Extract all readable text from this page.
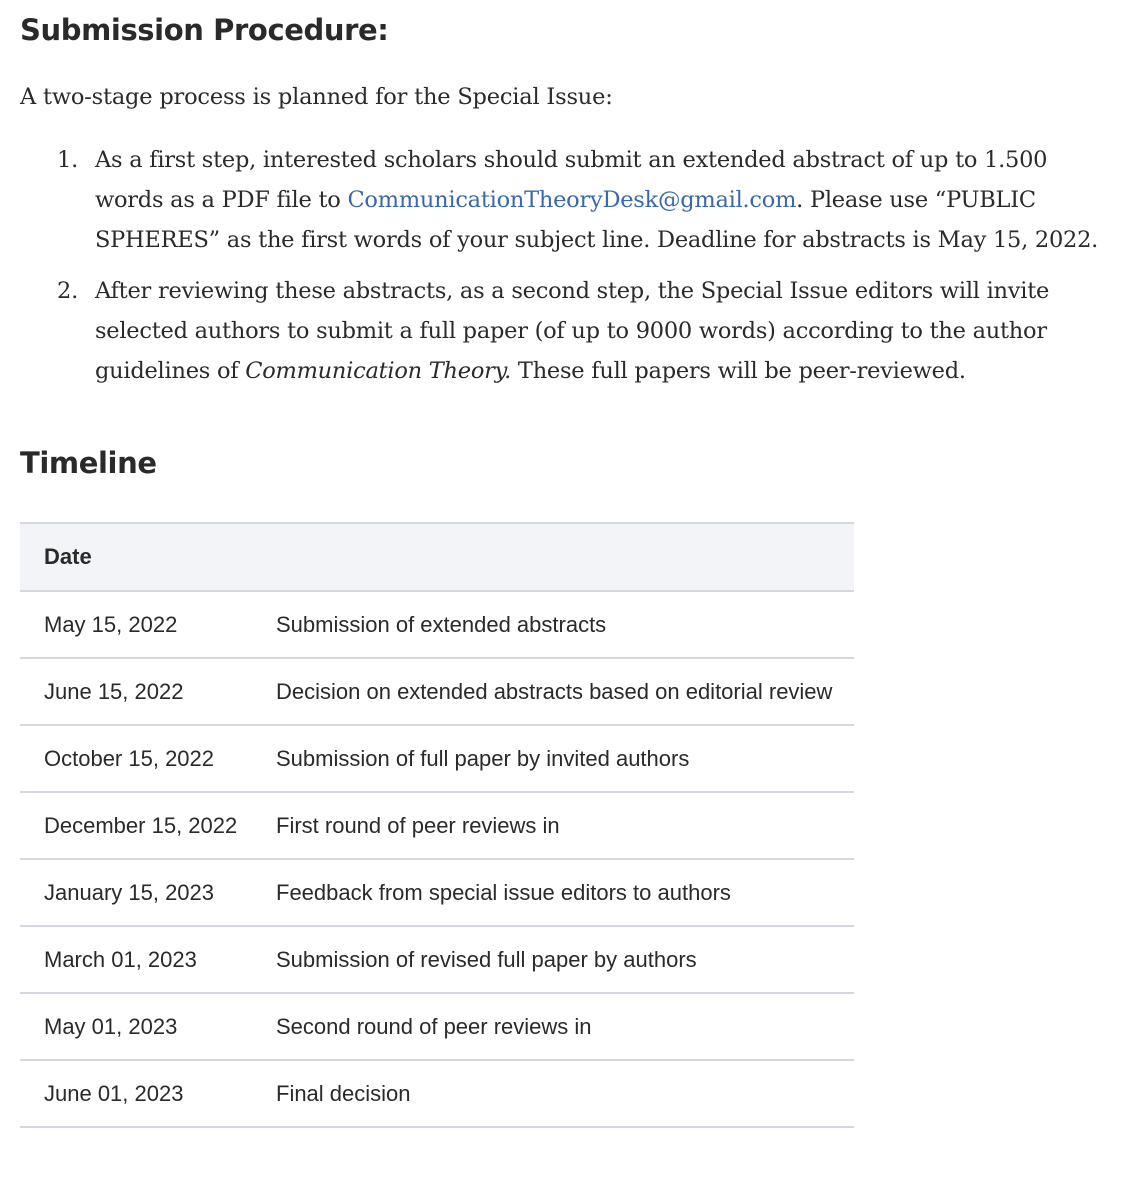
Submission Procedure:

A two-stage process is planned for the Special Issue:

1. As a first step, interested scholars should submit an extended abstract of up to 1.500
words as a PDF file to CommunicationTheoryDesk@gmail.com. Please use “PUBLIC
SPHERES” as the first words of your subject line. Deadline for abstracts is May 15, 2022.
2. After reviewing these abstracts, as a second step, the Special Issue editors will invite
selected authors to submit a full paper (of up to 9000 words) according to the author
guidelines of Communication Theory. These full papers will be peer-reviewed.
Timeline
Date	
May 15, 2022	Submission of extended abstracts
June 15, 2022	Decision on extended abstracts based on editorial review
October 15, 2022	Submission of full paper by invited authors
December 15, 2022	First round of peer reviews in
January 15, 2023	Feedback from special issue editors to authors
March 01, 2023	Submission of revised full paper by authors
May 01, 2023	Second round of peer reviews in
June 01, 2023	Final decision
